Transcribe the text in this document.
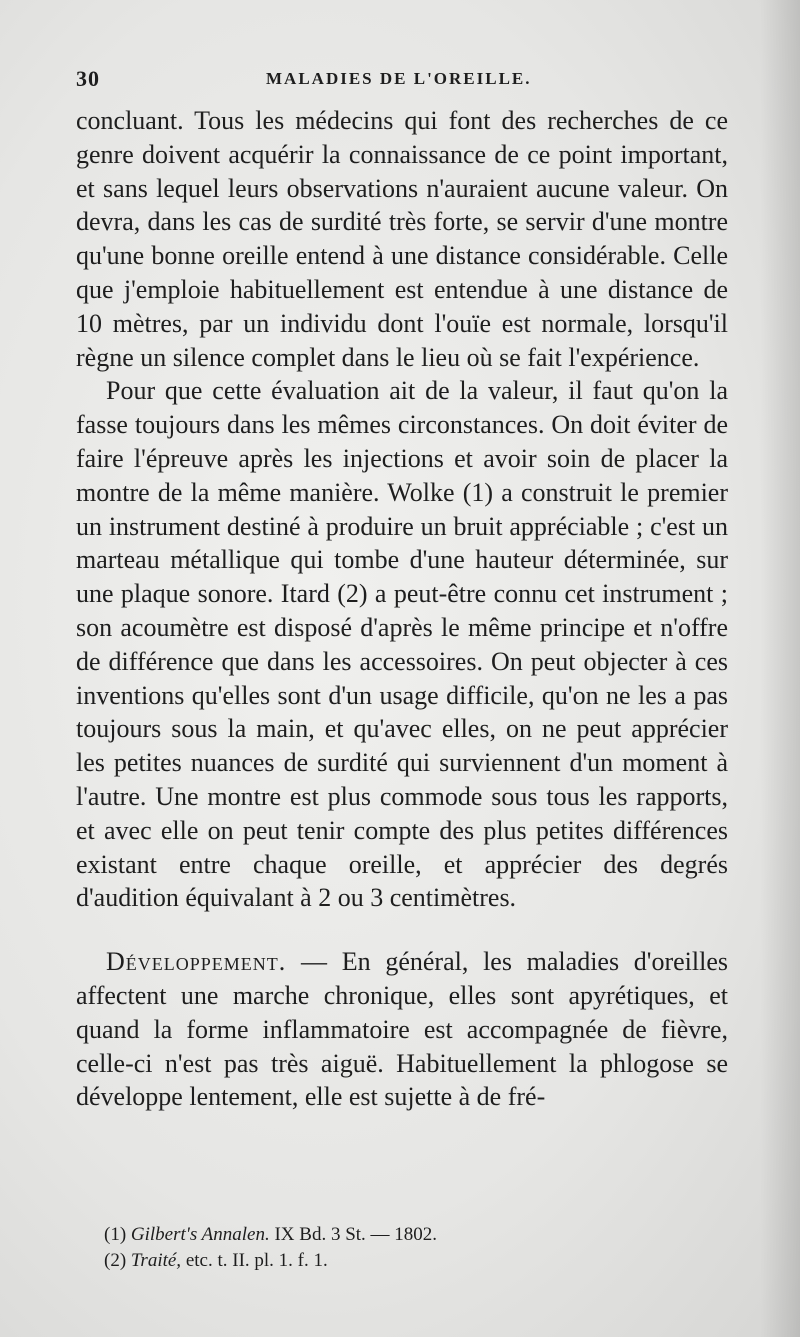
30	MALADIES DE L'OREILLE.

concluant. Tous les médecins qui font des recherches de ce genre doivent acquérir la connaissance de ce point important, et sans lequel leurs observations n'auraient aucune valeur. On devra, dans les cas de surdité très forte, se servir d'une montre qu'une bonne oreille entend à une distance considérable. Celle que j'emploie habituellement est entendue à une distance de 10 mètres, par un individu dont l'ouïe est normale, lorsqu'il règne un silence complet dans le lieu où se fait l'expérience.

Pour que cette évaluation ait de la valeur, il faut qu'on la fasse toujours dans les mêmes circonstances. On doit éviter de faire l'épreuve après les injections et avoir soin de placer la montre de la même manière. Wolke (1) a construit le premier un instrument destiné à produire un bruit appréciable ; c'est un marteau métallique qui tombe d'une hauteur déterminée, sur une plaque sonore. Itard (2) a peut-être connu cet instrument ; son acoumètre est disposé d'après le même principe et n'offre de différence que dans les accessoires. On peut objecter à ces inventions qu'elles sont d'un usage difficile, qu'on ne les a pas toujours sous la main, et qu'avec elles, on ne peut apprécier les petites nuances de surdité qui surviennent d'un moment à l'autre. Une montre est plus commode sous tous les rapports, et avec elle on peut tenir compte des plus petites différences existant entre chaque oreille, et apprécier des degrés d'audition équivalant à 2 ou 3 centimètres.

Développement. — En général, les maladies d'oreilles affectent une marche chronique, elles sont apyrétiques, et quand la forme inflammatoire est accompagnée de fièvre, celle-ci n'est pas très aiguë. Habituellement la phlogose se développe lentement, elle est sujette à de fré-

(1) Gilbert's Annalen. IX Bd. 3 St. — 1802.

(2) Traité, etc. t. II. pl. 1. f. 1.
